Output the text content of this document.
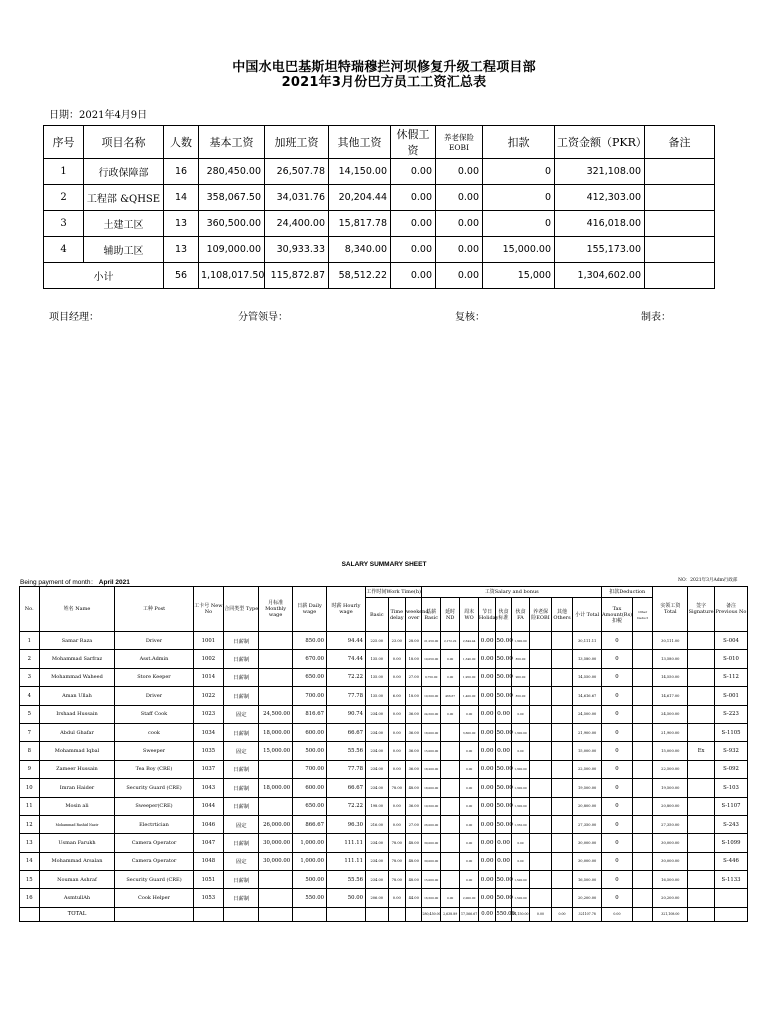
中国水电巴基斯坦特瑞穆拦河坝修复升级工程项目部
2021年3月份巴方员工工资汇总表
日期：2021年4月9日
序号	项目名称	人数	基本工资	加班工资	其他工资	休假工资	养老保险EOBI	扣款	工资金额（PKR）	备注
1	行政保障部	16	280,450.00	26,507.78	14,150.00	0.00	0.00	0	321,108.00	
2	工程部 &QHSE	14	358,067.50	34,031.76	20,204.44	0.00	0.00	0	412,303.00	
3	土建工区	13	360,500.00	24,400.00	15,817.78	0.00	0.00	0	416,018.00	
4	辅助工区	13	109,000.00	30,933.33	8,340.00	0.00	0.00	15,000.00	155,173.00	
小计		56	1,108,017.50	115,872.87	58,512.22	0.00	0.00	15,000	1,304,602.00	
项目经理：	分管领导：	复核：	制表：
SALARY SUMMARY SHEET
Being payment of month： April 2021	NO：2021年3月Adm行政部
No.	姓名 Name	工种 Post	工卡号 New No	合同类型 Type	月标准 Monthly wage	日薪 Daily wage	时薪 Hourly wage	工作时间Work Time(h)			工资Salary and bonus									扣款Deduction		实领工资 Total	签字 Signature	备注 Previous No
								Basic	Time delay	weekend over	基薪 Basic	延时 ND	周末 WO	节日 Holiday	伙食 标准	伙食 FA	养老保 险EOBI	其他 Others	小计 Total	Tax Amount(Rs) 扣税	Other Deduct			
1	Samar Raza	Driver	1001	日薪制		850.00	94.44	225.00	23.00	28.00	21,250.00	2,172.22	2,644.44	0.00	50.00	1,300.00			30,111.11	0		30,111.00		S-004
2	Mohammad Sarfraz	Asst.Admin	1002	日薪制		670.00	74.44	135.00	0.00	18.00	10,050.00	0.00	1,340.00	0.00	50.00	850.00			13,580.00	0		13,580.00		S-010
3	Mohammad Waheed	Store Keeper	1014	日薪制		650.00	72.22	135.00	0.00	27.00	9,750.00	0.00	1,950.00	0.00	50.00	900.00			14,550.00	0		14,550.00		S-112
4	Aman Ullah	Driver	1022	日薪制		700.00	77.78	135.00	6.00	18.00	10,500.00	466.67	1,400.00	0.00	50.00	850.00			14,616.67	0		14,617.00		S-001
5	Irshaad Hussain	Staff Cook	1023	固定	24,500.00	816.67	90.74	234.00	0.00	36.00	24,500.00	0.00	0.00	0.00	0.00	0.00			24,500.00	0		24,500.00		S-223
7	Abdul Ghafar	cook	1034	日薪制	18,000.00	600.00	66.67	234.00	0.00	36.00	18,000.00		3,600.00	0.00	50.00	1,300.00			21,900.00	0		21,900.00		S-1105
8	Mohammad Iqbal	Sweeper	1035	固定	15,000.00	500.00	55.56	234.00	0.00	36.00	15,000.00		0.00	0.00	0.00	0.00			15,000.00	0		15,000.00	Ex	S-932
9	Zameer Hussain	Tea Boy (CRE)	1037	日薪制		700.00	77.78	234.00	0.00	36.00	18,200.00		0.00	0.00	50.00	1,300.00			22,500.00	0		22,500.00		S-092
10	Imran Haider	Security Guard (CRE)	1043	日薪制	18,000.00	600.00	66.67	234.00	78.00	48.00	18,000.00		0.00	0.00	50.00	1,300.00			19,500.00	0		19,500.00		S-103
11	Mosin ali	Sweeper(CRE)	1044	日薪制		650.00	72.22	198.00	0.00	36.00	19,500.00		0.00	0.00	50.00	1,300.00			20,800.00	0		20,800.00		S-1107
12	Mohammad Rashid Nazir	Electrtician	1046	固定	26,000.00	866.67	96.30	216.00	0.00	27.00	26,000.00		0.00	0.00	50.00	1,350.00			27,350.00	0		27,350.00		S-243
13	Usman Farukh	Camera Operator	1047	日薪制	30,000.00	1,000.00	111.11	234.00	78.00	48.00	30,000.00		0.00	0.00	0.00	0.00			30,000.00	0		30,000.00		S-1099
14	Mohammad Arsalan	Camera Operator	1048	固定	30,000.00	1,000.00	111.11	234.00	78.00	48.00	30,000.00		0.00	0.00	0.00	0.00			30,000.00	0		30,000.00		S-446
15	Nouman Ashraf	Security Guard (CRE)	1051	日薪制		500.00	55.56	234.00	78.00	48.00	15,000.00		0.00	0.00	50.00	1,500.00			16,500.00	0		16,500.00		S-1133
16	AsmtullAh	Cook Helper	1053	日薪制		550.00	50.00	206.00	0.00	44.00	16,500.00	0.00	2,000.00	0.00	50.00	1,500.00			20,200.00	0		20,200.00		
	TOTAL										280,450.00	2,638.89	17,566.67	0.00	550.00	14,150.00	0.00	0.00	321107.78	0.00		321,108.00		
